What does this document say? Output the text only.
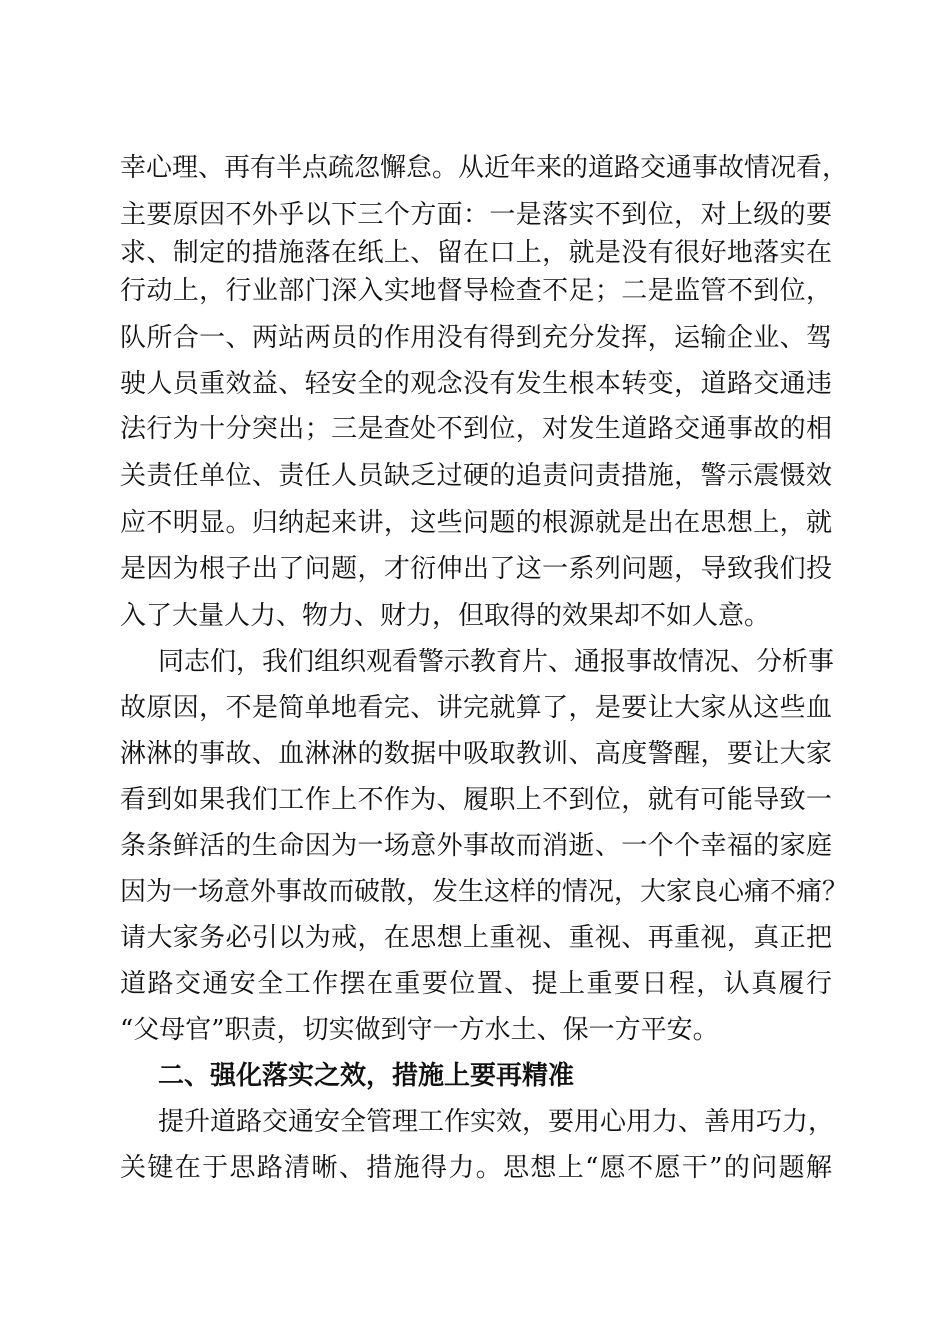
幸心理、再有半点疏忽懈怠。从近年来的道路交通事故情况看，
主要原因不外乎以下三个方面：一是落实不到位，对上级的要
求、制定的措施落在纸上、留在口上，就是没有很好地落实在
行动上，行业部门深入实地督导检查不足；二是监管不到位，
队所合一、两站两员的作用没有得到充分发挥，运输企业、驾
驶人员重效益、轻安全的观念没有发生根本转变，道路交通违
法行为十分突出；三是查处不到位，对发生道路交通事故的相
关责任单位、责任人员缺乏过硬的追责问责措施，警示震慑效
应不明显。归纳起来讲，这些问题的根源就是出在思想上，就
是因为根子出了问题，才衍伸出了这一系列问题，导致我们投
入了大量人力、物力、财力，但取得的效果却不如人意。
同志们，我们组织观看警示教育片、通报事故情况、分析事
故原因，不是简单地看完、讲完就算了，是要让大家从这些血
淋淋的事故、血淋淋的数据中吸取教训、高度警醒，要让大家
看到如果我们工作上不作为、履职上不到位，就有可能导致一
条条鲜活的生命因为一场意外事故而消逝、一个个幸福的家庭
因为一场意外事故而破散，发生这样的情况，大家良心痛不痛？
请大家务必引以为戒，在思想上重视、重视、再重视，真正把
道路交通安全工作摆在重要位置、提上重要日程，认真履行
“父母官”职责，切实做到守一方水土、保一方平安。
二、强化落实之效，措施上要再精准
提升道路交通安全管理工作实效，要用心用力、善用巧力，
关键在于思路清晰、措施得力。思想上“愿不愿干”的问题解
